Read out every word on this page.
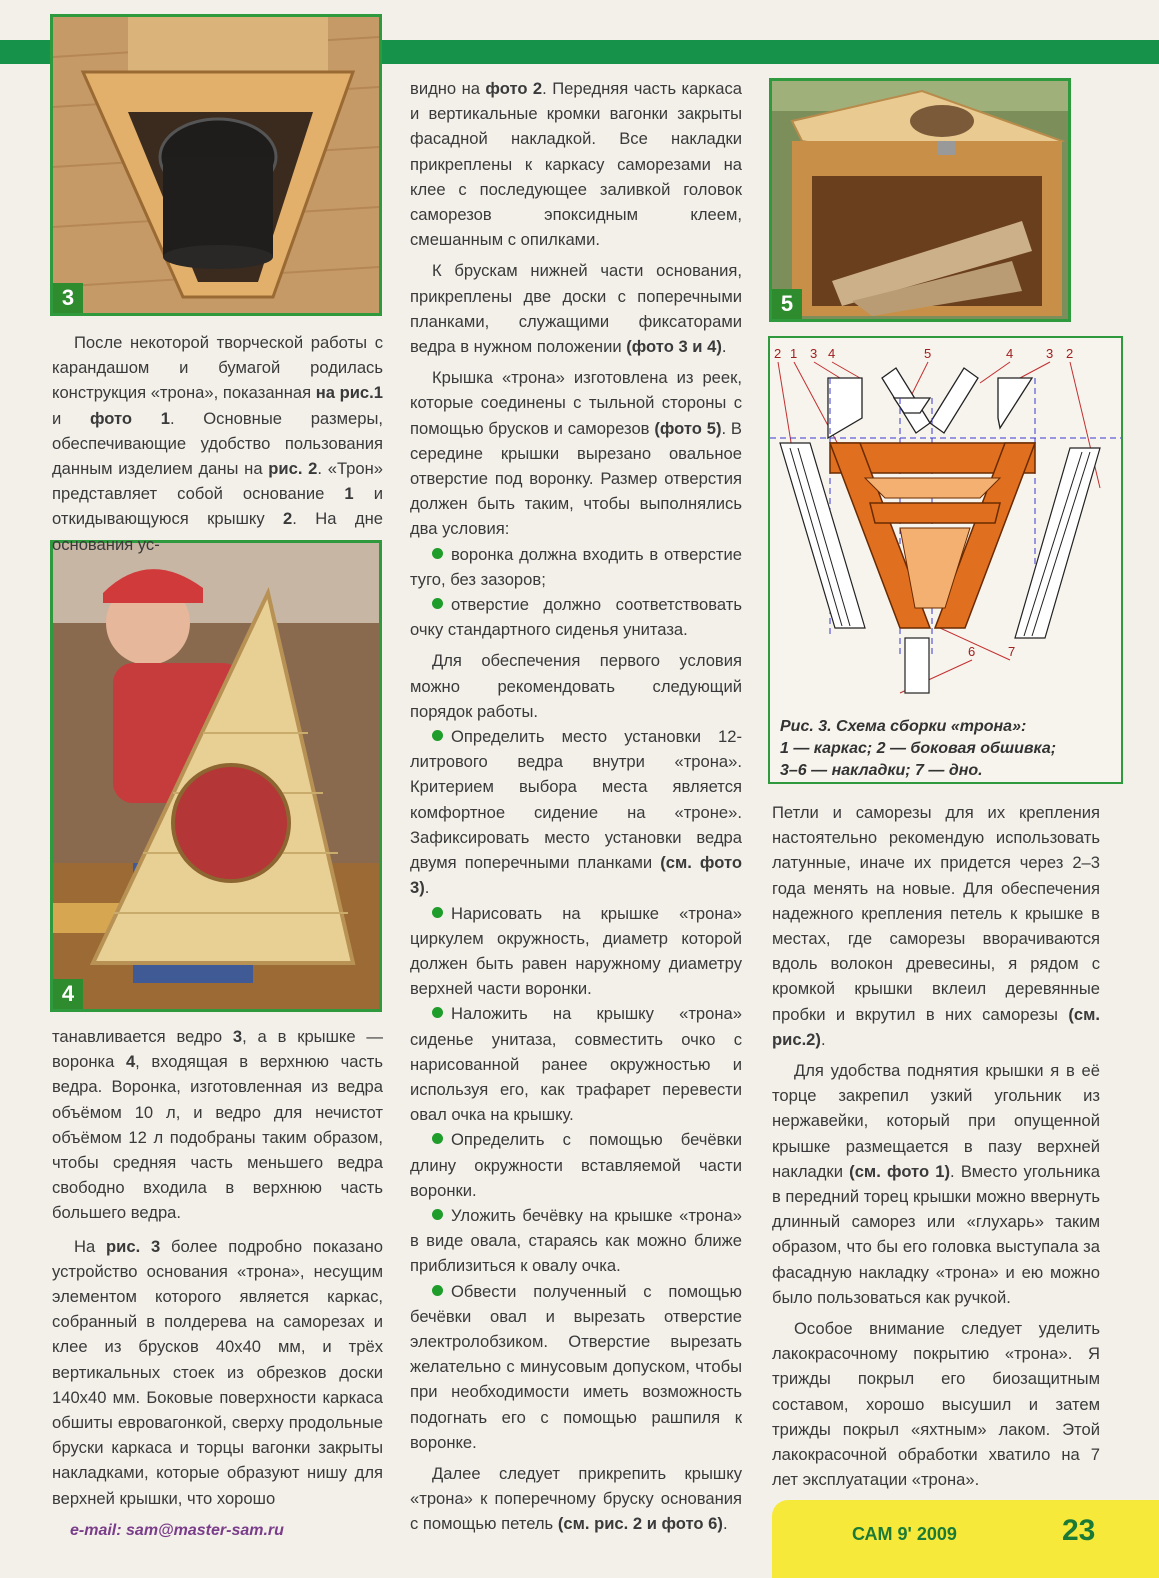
3
4
5

После некоторой творческой работы с карандашом и бумагой родилась конструкция «трона», показанная на рис.1 и фото 1. Основные размеры, обеспечивающие удобство пользования данным изделием даны на рис. 2. «Трон» представляет собой основание 1 и откидывающуюся крышку 2. На дне основания ус-

танавливается ведро 3, а в крышке — воронка 4, входящая в верхнюю часть ведра. Воронка, изготовленная из ведра объёмом 10 л, и ведро для нечистот объёмом 12 л подобраны таким образом, чтобы средняя часть меньшего ведра свободно входила в верхнюю часть большего ведра.

На рис. 3 более подробно показано устройство основания «трона», несущим элементом которого является каркас, собранный в полдерева на саморезах и клее из брусков 40х40 мм, и трёх вертикальных стоек из обрезков доски 140х40 мм. Боковые поверхности каркаса обшиты евровагонкой, сверху продольные бруски каркаса и торцы вагонки закрыты накладками, которые образуют нишу для верхней крышки, что хорошо

видно на фото 2. Передняя часть каркаса и вертикальные кромки вагонки закрыты фасадной накладкой. Все накладки прикреплены к каркасу саморезами на клее с последующее заливкой головок саморезов эпоксидным клеем, смешанным с опилками.

К брускам нижней части основания, прикреплены две доски с поперечными планками, служащими фиксаторами ведра в нужном положении (фото 3 и 4).

Крышка «трона» изготовлена из реек, которые соединены с тыльной стороны с помощью брусков и саморезов (фото 5). В середине крышки вырезано овальное отверстие под воронку. Размер отверстия должен быть таким, чтобы выполнялись два условия:

воронка должна входить в отверстие туго, без зазоров;

отверстие должно соответствовать очку стандартного сиденья унитаза.

Для обеспечения первого условия можно рекомендовать следующий порядок работы.

Определить место установки 12-литрового ведра внутри «трона». Критерием выбора места является комфортное сидение на «троне». Зафиксировать место установки ведра двумя поперечными планками (см. фото 3).

Нарисовать на крышке «трона» циркулем окружность, диаметр которой должен быть равен наружному диаметру верхней части воронки.

Наложить на крышку «трона» сиденье унитаза, совместить очко с нарисованной ранее окружностью и используя его, как трафарет перевести овал очка на крышку.

Определить с помощью бечёвки длину окружности вставляемой части воронки.

Уложить бечёвку на крышке «трона» в виде овала, стараясь как можно ближе приблизиться к овалу очка.

Обвести полученный с помощью бечёвки овал и вырезать отверстие электролобзиком. Отверстие вырезать желательно с минусовым допуском, чтобы при необходимости иметь возможность подогнать его с помощью рашпиля к воронке.

Далее следует прикрепить крышку «трона» к поперечному бруску основания с помощью петель (см. рис. 2 и фото 6).

2 1 3 4	5	4	3 2
6	7
Рис. 3. Схема сборки «трона»:
1 — каркас; 2 — боковая обшивка;
3–6 — накладки; 7 — дно.

Петли и саморезы для их крепления настоятельно рекомендую использовать латунные, иначе их придется через 2–3 года менять на новые. Для обеспечения надежного крепления петель к крышке в местах, где саморезы вворачиваются вдоль волокон древесины, я рядом с кромкой крышки вклеил деревянные пробки и вкрутил в них саморезы (см. рис.2).

Для удобства поднятия крышки я в её торце закрепил узкий угольник из нержавейки, который при опущенной крышке размещается в пазу верхней накладки (см. фото 1). Вместо угольника в передний торец крышки можно ввернуть длинный саморез или «глухарь» таким образом, что бы его головка выступала за фасадную накладку «трона» и ею можно было пользоваться как ручкой.

Особое внимание следует уделить лакокрасочному покрытию «трона». Я трижды покрыл его биозащитным составом, хорошо высушил и затем трижды покрыл «яхтным» лаком. Этой лакокрасочной обработки хватило на 7 лет эксплуатации «трона».

e-mail: sam@master-sam.ru	САМ 9' 2009	23
